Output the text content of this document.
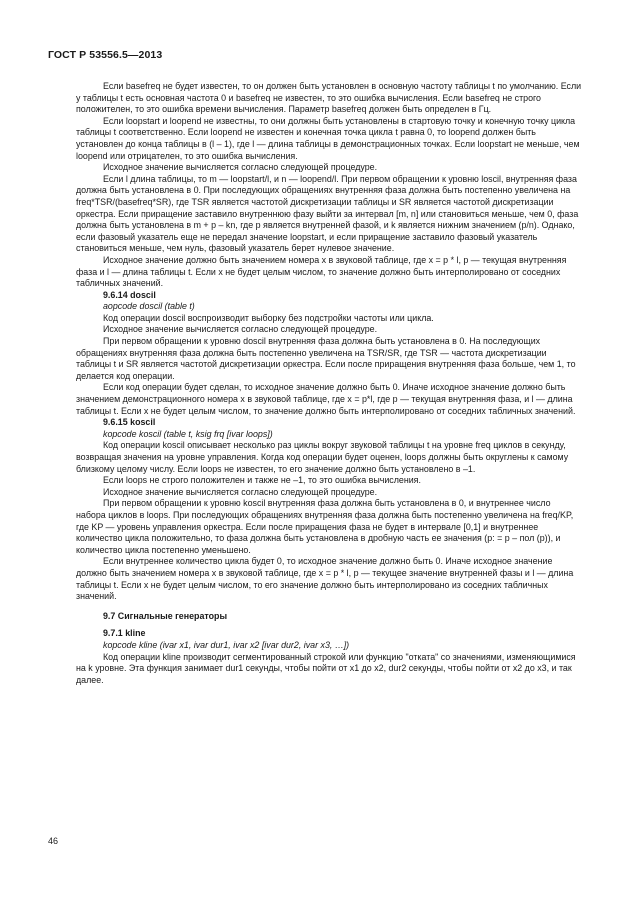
ГОСТ Р 53556.5—2013

Если basefreq не будет известен, то он должен быть установлен в основную частоту таблицы t по умолчанию. Если у таблицы t есть основная частота 0 и basefreq не известен, то это ошибка вычисления. Если basefreq не строго положителен, то это ошибка времени вычисления. Параметр basefreq должен быть определен в Гц.

Если loopstart и loopend не известны, то они должны быть установлены в стартовую точку и конечную точку цикла таблицы t соответственно. Если loopend не известен и конечная точка цикла t равна 0, то loopend должен быть установлен до конца таблицы в (l – 1), где l — длина таблицы в демонстрационных точках. Если loopstart не меньше, чем loopend или отрицателен, то это ошибка вычисления.

Исходное значение вычисляется согласно следующей процедуре.

Если l длина таблицы, то m — loopstart/l, и n — loopend/l. При первом обращении к уровню loscil, внутренняя фаза должна быть установлена в 0. При последующих обращениях внутренняя фаза должна быть постепенно увеличена на freq*TSR/(basefreq*SR), где TSR является частотой дискретизации таблицы и SR является частотой дискретизации оркестра. Если приращение заставило внутреннюю фазу выйти за интервал [m, n] или становиться меньше, чем 0, фаза должна быть установлена в m + p – kn, где p является внутренней фазой, и k является нижним значением (p/n). Однако, если фазовый указатель еще не передал значение loopstart, и если приращение заставило фазовый указатель становиться меньше, чем нуль, фазовый указатель берет нулевое значение.

Исходное значение должно быть значением номера x в звуковой таблице, где x = p * l, p — текущая внутренняя фаза и l — длина таблицы t. Если x не будет целым числом, то значение должно быть интерполировано от соседних табличных значений.

9.6.14 doscil

aopcode doscil (table t)

Код операции doscil воспроизводит выборку без подстройки частоты или цикла.

Исходное значение вычисляется согласно следующей процедуре.

При первом обращении к уровню doscil внутренняя фаза должна быть установлена в 0. На последующих обращениях внутренняя фаза должна быть постепенно увеличена на TSR/SR, где TSR — частота дискретизации таблицы t и SR является частотой дискретизации оркестра. Если после приращения внутренняя фаза больше, чем 1, то делается код операции.

Если код операции будет сделан, то исходное значение должно быть 0. Иначе исходное значение должно быть значением демонстрационного номера x в звуковой таблице, где x = p*l, где p — текущая внутренняя фаза, и l — длина таблицы t. Если x не будет целым числом, то значение должно быть интерполировано от соседних табличных значений.

9.6.15 koscil

kopcode koscil (table t, ksig frq [ivar loops])

Код операции koscil описывает несколько раз циклы вокруг звуковой таблицы t на уровне freq циклов в секунду, возвращая значения на уровне управления. Когда код операции будет оценен, loops должны быть округлены к самому близкому целому числу. Если loops не известен, то его значение должно быть установлено в –1.

Если loops не строго положителен и также не –1, то это ошибка вычисления.

Исходное значение вычисляется согласно следующей процедуре.

При первом обращении к уровню koscil внутренняя фаза должна быть установлена в 0, и внутреннее число набора циклов в loops. При последующих обращениях внутренняя фаза должна быть постепенно увеличена на freq/KP, где KP — уровень управления оркестра. Если после приращения фаза не будет в интервале [0,1] и внутреннее количество цикла положительно, то фаза должна быть установлена в дробную часть ее значения (p: = p – пол (p)), и количество цикла постепенно уменьшено.

Если внутреннее количество цикла будет 0, то исходное значение должно быть 0. Иначе исходное значение должно быть значением номера x в звуковой таблице, где x = p * l, p — текущее значение внутренней фазы и l — длина таблицы t. Если x не будет целым числом, то его значение должно быть интерполировано из соседних табличных значений.

9.7 Сигнальные генераторы

9.7.1 kline

kopcode kline (ivar x1, ivar dur1, ivar x2 [ivar dur2, ivar x3, …])

Код операции kline производит сегментированный строкой или функцию "отката" со значениями, изменяющимися на k уровне. Эта функция занимает dur1 секунды, чтобы пойти от x1 до x2, dur2 секунды, чтобы пойти от x2 до x3, и так далее.

46
